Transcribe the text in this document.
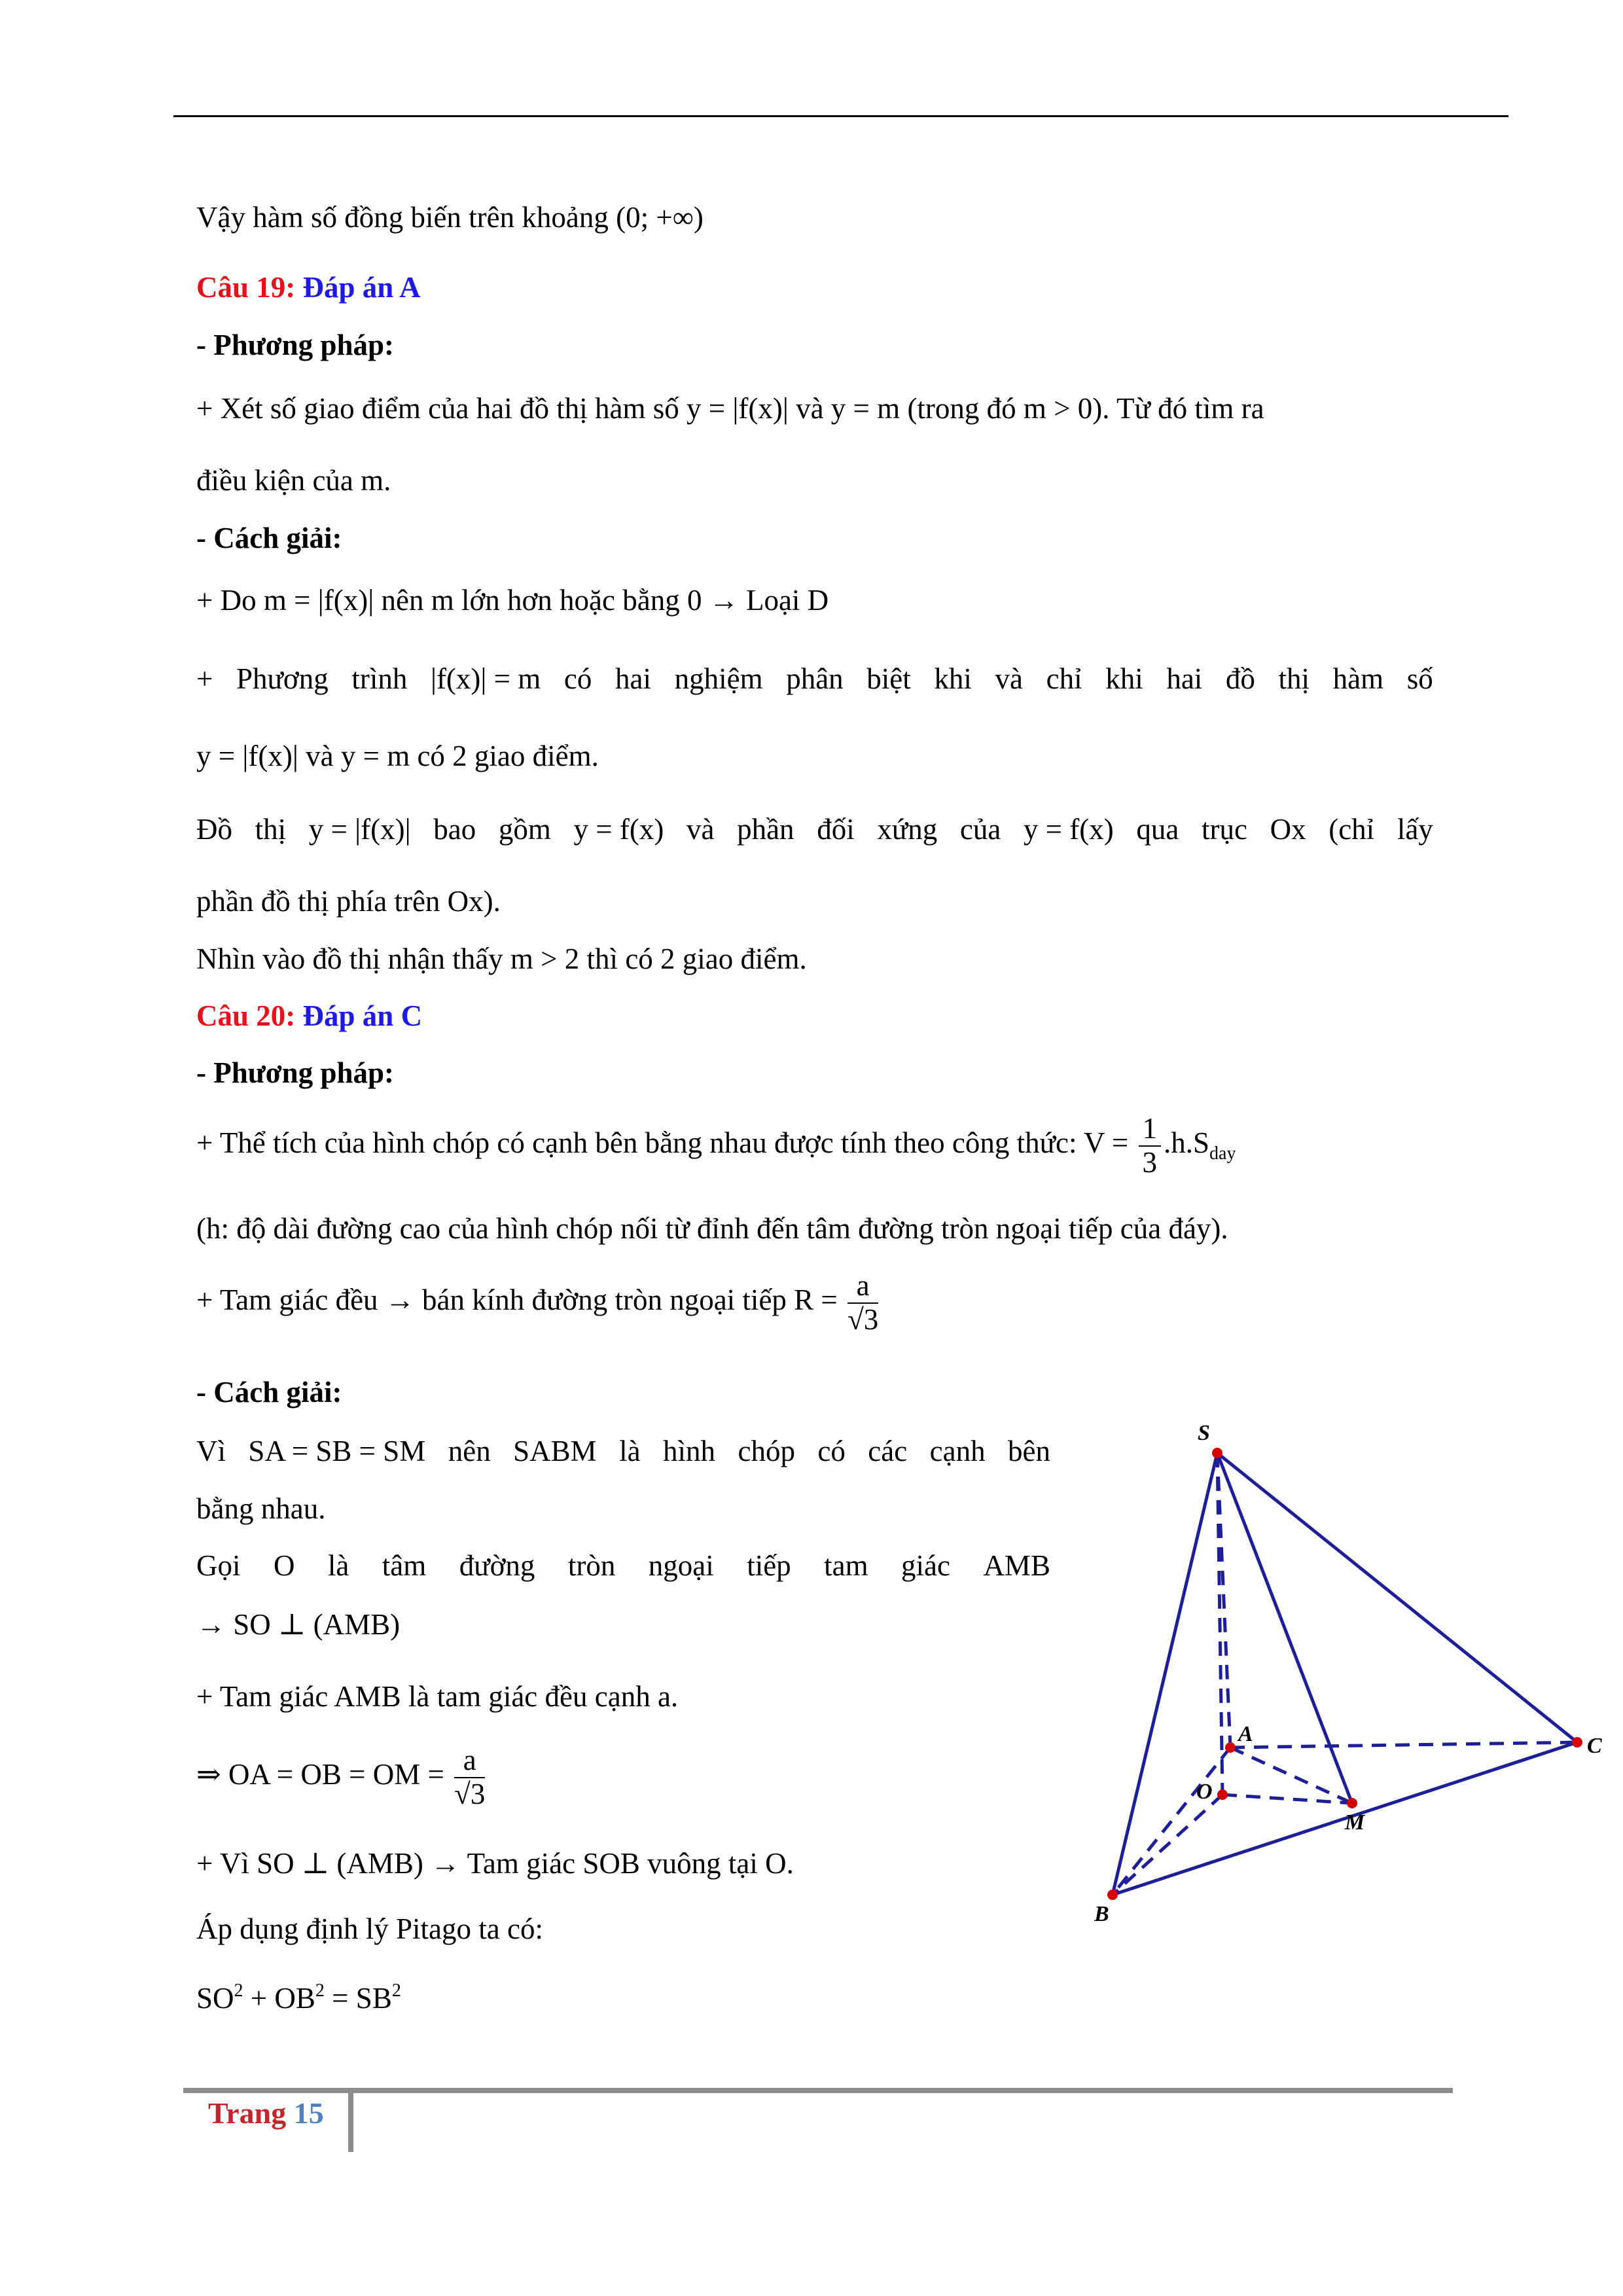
Vậy hàm số đồng biến trên khoảng (0; +∞)
Câu 19: Đáp án A
- Phương pháp:
+ Xét số giao điểm của hai đồ thị hàm số y = |f(x)| và y = m (trong đó m > 0). Từ đó tìm ra
điều kiện của m.
- Cách giải:
+ Do m = |f(x)| nên m lớn hơn hoặc bằng 0 → Loại D
+ Phương trình |f(x)| = m có hai nghiệm phân biệt khi và chỉ khi hai đồ thị hàm số
y = |f(x)| và y = m có 2 giao điểm.
Đồ thị y = |f(x)| bao gồm y = f(x) và phần đối xứng của y = f(x) qua trục Ox (chỉ lấy
phần đồ thị phía trên Ox).
Nhìn vào đồ thị nhận thấy m > 2 thì có 2 giao điểm.
Câu 20: Đáp án C
- Phương pháp:
+ Thể tích của hình chóp có cạnh bên bằng nhau được tính theo công thức: $V = \frac{1}{3} .h.S_{day}$
(h: độ dài đường cao của hình chóp nối từ đỉnh đến tâm đường tròn ngoại tiếp của đáy).
+ Tam giác đều → bán kính đường tròn ngoại tiếp $R = \frac{a}{√3}$
- Cách giải:
Vì SA = SB = SM nên SABM là hình chóp có các cạnh bên
bằng nhau.
Gọi O là tâm đường tròn ngoại tiếp tam giác AMB
→ SO ⊥ (AMB)
+ Tam giác AMB là tam giác đều cạnh a.
⇒ OA = OB = OM = $\frac{a}{√3}$
+ Vì SO ⊥ (AMB) → Tam giác SOB vuông tại O.
Áp dụng định lý Pitago ta có:
$SO^2 + OB^2 = SB^2$
S
A	C
O
M
B
Trang 15
